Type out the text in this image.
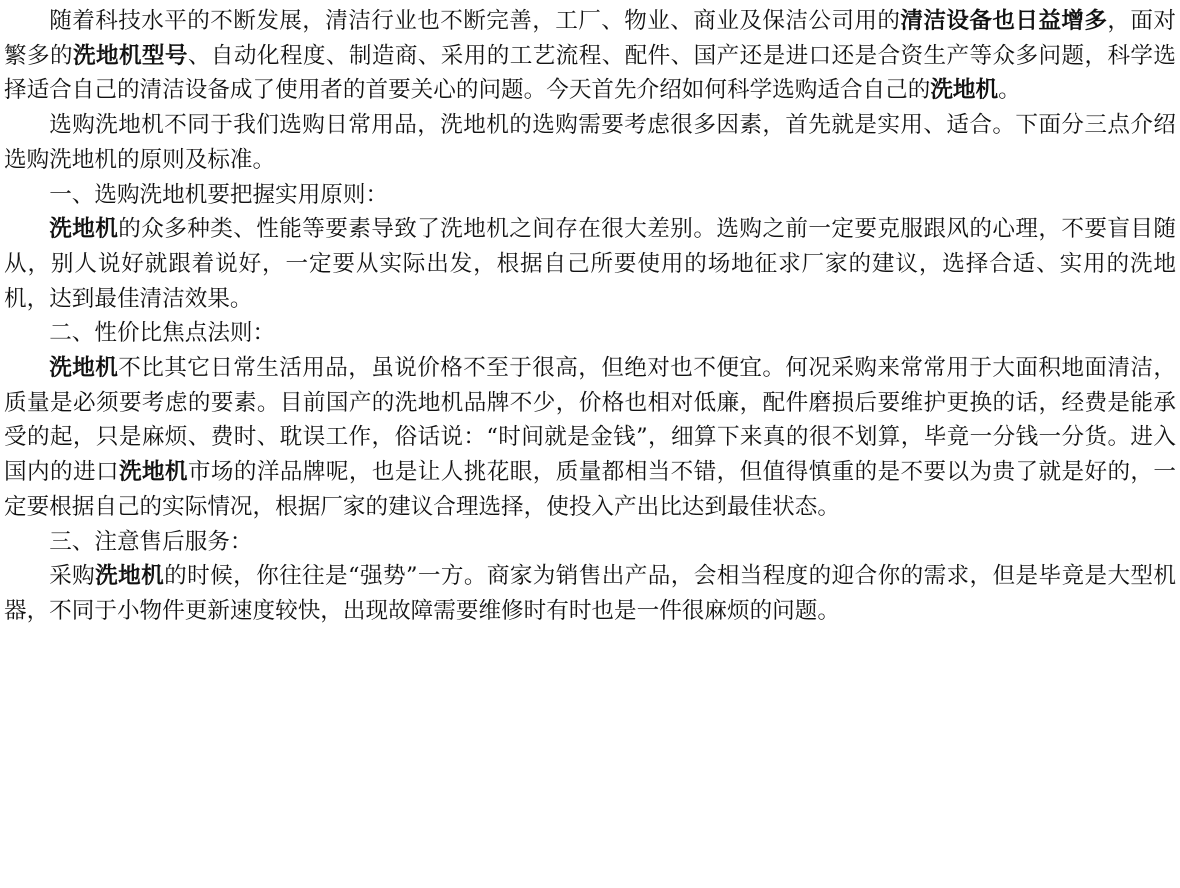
随着科技水平的不断发展，清洁行业也不断完善，工厂、物业、商业及保洁公司用的清洁设备也日益增多，面对繁多的洗地机型号、自动化程度、制造商、采用的工艺流程、配件、国产还是进口还是合资生产等众多问题，科学选择适合自己的清洁设备成了使用者的首要关心的问题。今天首先介绍如何科学选购适合自己的洗地机。

选购洗地机不同于我们选购日常用品，洗地机的选购需要考虑很多因素，首先就是实用、适合。下面分三点介绍选购洗地机的原则及标准。

一、选购洗地机要把握实用原则：

洗地机的众多种类、性能等要素导致了洗地机之间存在很大差别。选购之前一定要克服跟风的心理，不要盲目随从，别人说好就跟着说好，一定要从实际出发，根据自己所要使用的场地征求厂家的建议，选择合适、实用的洗地机，达到最佳清洁效果。

二、性价比焦点法则：

洗地机不比其它日常生活用品，虽说价格不至于很高，但绝对也不便宜。何况采购来常常用于大面积地面清洁，质量是必须要考虑的要素。目前国产的洗地机品牌不少，价格也相对低廉，配件磨损后要维护更换的话，经费是能承受的起，只是麻烦、费时、耽误工作，俗话说：“时间就是金钱”，细算下来真的很不划算，毕竟一分钱一分货。进入国内的进口洗地机市场的洋品牌呢，也是让人挑花眼，质量都相当不错，但值得慎重的是不要以为贵了就是好的，一定要根据自己的实际情况，根据厂家的建议合理选择，使投入产出比达到最佳状态。

三、注意售后服务：

采购洗地机的时候，你往往是“强势”一方。商家为销售出产品，会相当程度的迎合你的需求，但是毕竟是大型机器，不同于小物件更新速度较快，出现故障需要维修时有时也是一件很麻烦的问题。
